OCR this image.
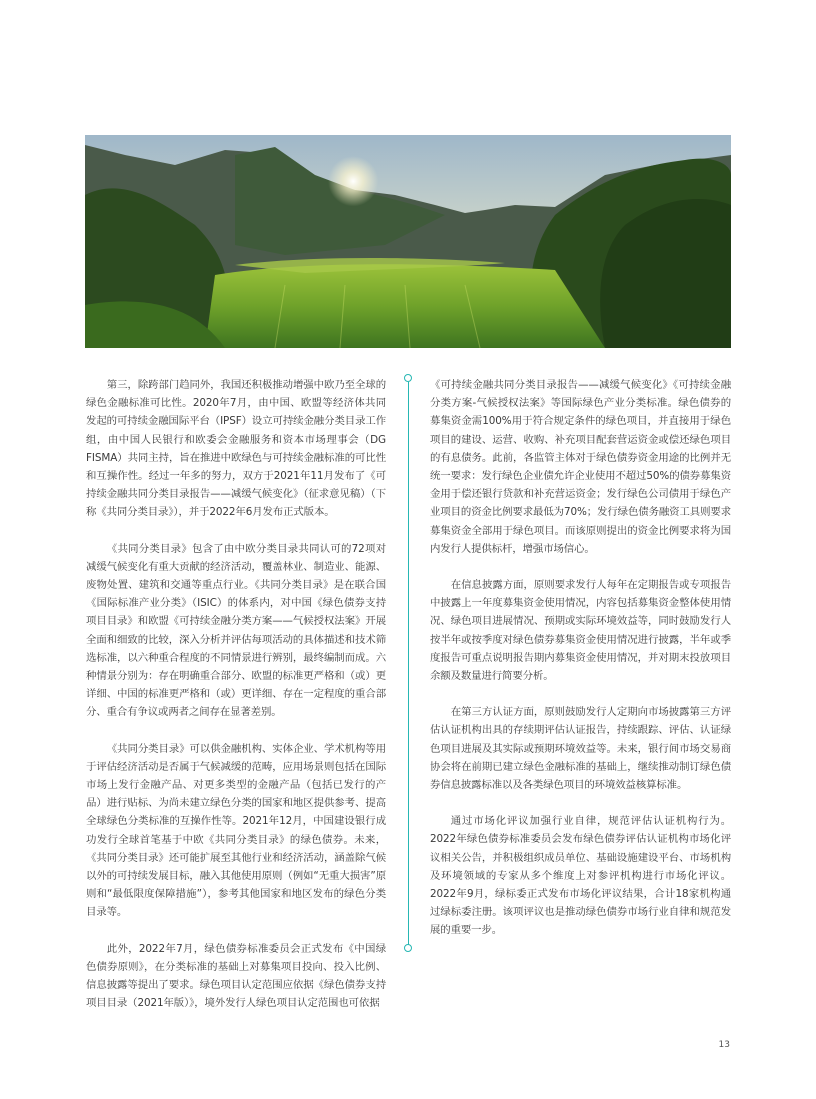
第三，除跨部门趋同外，我国还积极推动增强中欧乃至全球的绿色金融标准可比性。2020年7月，由中国、欧盟等经济体共同发起的可持续金融国际平台（IPSF）设立可持续金融分类目录工作组，由中国人民银行和欧委会金融服务和资本市场理事会（DG FISMA）共同主持，旨在推进中欧绿色与可持续金融标准的可比性和互操作性。经过一年多的努力，双方于2021年11月发布了《可持续金融共同分类目录报告——减缓气候变化》（征求意见稿）（下称《共同分类目录》），并于2022年6月发布正式版本。

《共同分类目录》包含了由中欧分类目录共同认可的72项对减缓气候变化有重大贡献的经济活动，覆盖林业、制造业、能源、废物处置、建筑和交通等重点行业。《共同分类目录》是在联合国《国际标准产业分类》（ISIC）的体系内，对中国《绿色债券支持项目目录》和欧盟《可持续金融分类方案——气候授权法案》开展全面和细致的比较，深入分析并评估每项活动的具体描述和技术筛选标准，以六种重合程度的不同情景进行辨别，最终编制而成。六种情景分别为：存在明确重合部分、欧盟的标准更严格和（或）更详细、中国的标准更严格和（或）更详细、存在一定程度的重合部分、重合有争议或两者之间存在显著差别。

《共同分类目录》可以供金融机构、实体企业、学术机构等用于评估经济活动是否属于气候减缓的范畴，应用场景则包括在国际市场上发行金融产品、对更多类型的金融产品（包括已发行的产品）进行贴标、为尚未建立绿色分类的国家和地区提供参考、提高全球绿色分类标准的互操作性等。2021年12月，中国建设银行成功发行全球首笔基于中欧《共同分类目录》的绿色债券。未来，《共同分类目录》还可能扩展至其他行业和经济活动，涵盖除气候以外的可持续发展目标，融入其他使用原则（例如“无重大损害”原则和“最低限度保障措施”），参考其他国家和地区发布的绿色分类目录等。

此外，2022年7月，绿色债券标准委员会正式发布《中国绿色债券原则》，在分类标准的基础上对募集项目投向、投入比例、信息披露等提出了要求。绿色项目认定范围应依据《绿色债券支持项目目录（2021年版）》，境外发行人绿色项目认定范围也可依据

《可持续金融共同分类目录报告——减缓气候变化》《可持续金融分类方案-气候授权法案》等国际绿色产业分类标准。绿色债券的募集资金需100%用于符合规定条件的绿色项目，并直接用于绿色项目的建设、运营、收购、补充项目配套营运资金或偿还绿色项目的有息债务。此前，各监管主体对于绿色债券资金用途的比例并无统一要求：发行绿色企业债允许企业使用不超过50%的债券募集资金用于偿还银行贷款和补充营运资金；发行绿色公司债用于绿色产业项目的资金比例要求最低为70%；发行绿色债务融资工具则要求募集资金全部用于绿色项目。而该原则提出的资金比例要求将为国内发行人提供标杆，增强市场信心。

在信息披露方面，原则要求发行人每年在定期报告或专项报告中披露上一年度募集资金使用情况，内容包括募集资金整体使用情况、绿色项目进展情况、预期或实际环境效益等，同时鼓励发行人按半年或按季度对绿色债券募集资金使用情况进行披露，半年或季度报告可重点说明报告期内募集资金使用情况，并对期末投放项目余额及数量进行简要分析。

在第三方认证方面，原则鼓励发行人定期向市场披露第三方评估认证机构出具的存续期评估认证报告，持续跟踪、评估、认证绿色项目进展及其实际或预期环境效益等。未来，银行间市场交易商协会将在前期已建立绿色金融标准的基础上，继续推动制订绿色债券信息披露标准以及各类绿色项目的环境效益核算标准。

通过市场化评议加强行业自律，规范评估认证机构行为。2022年绿色债券标准委员会发布绿色债券评估认证机构市场化评议相关公告，并积极组织成员单位、基础设施建设平台、市场机构及环境领域的专家从多个维度上对参评机构进行市场化评议。2022年9月，绿标委正式发布市场化评议结果，合计18家机构通过绿标委注册。该项评议也是推动绿色债券市场行业自律和规范发展的重要一步。

13
